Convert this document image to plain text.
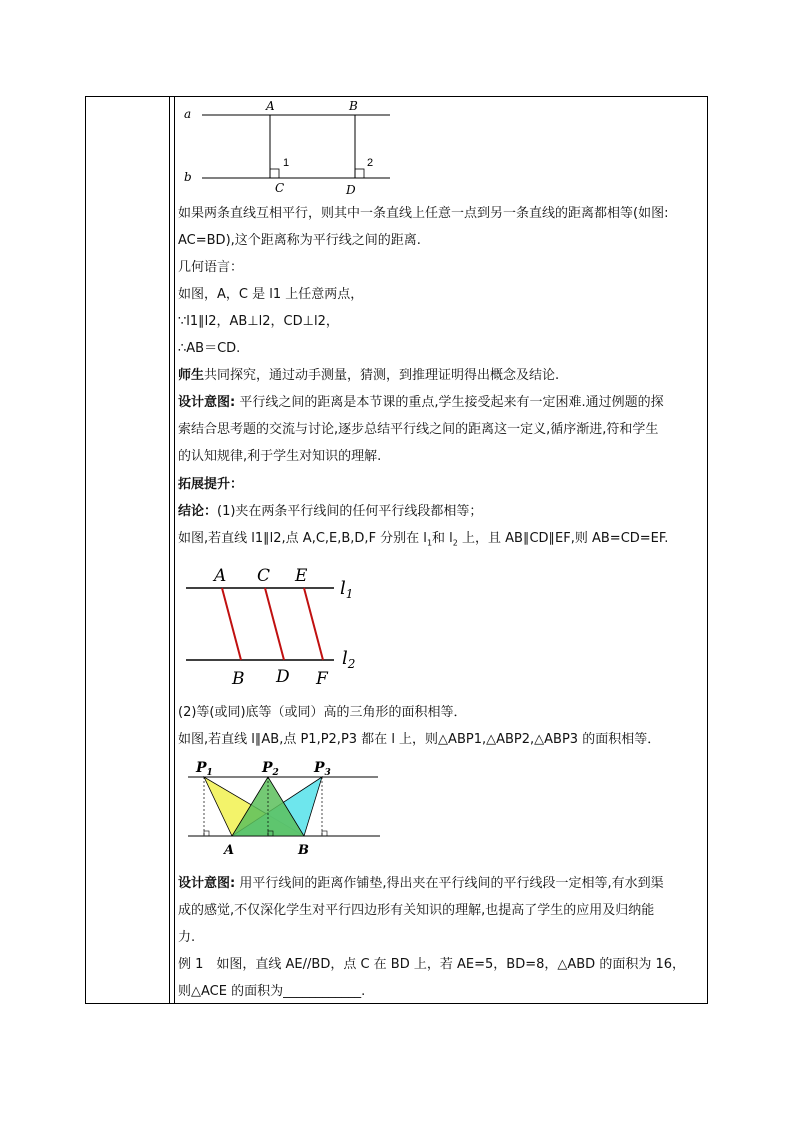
a
b
A	B
C	D
1	2
如果两条直线互相平行，则其中一条直线上任意一点到另一条直线的距离都相等(如图:
AC=BD),这个距离称为平行线之间的距离.
几何语言：
如图，A，C 是 l1 上任意两点，
∵l1∥l2，AB⊥l2，CD⊥l2，
∴AB＝CD.
师生共同探究，通过动手测量，猜测，到推理证明得出概念及结论.
设计意图: 平行线之间的距离是本节课的重点,学生接受起来有一定困难.通过例题的探
索结合思考题的交流与讨论,逐步总结平行线之间的距离这一定义,循序渐进,符和学生
的认知规律,利于学生对知识的理解.
拓展提升：
结论：(1)夹在两条平行线间的任何平行线段都相等；
如图,若直线 l1∥l2,点 A,C,E,B,D,F 分别在 $l_1$和 $l_2$ 上，且 AB∥CD∥EF,则 AB=CD=EF.
A C E
B D F
$l_1$
$l_2$
(2)等(或同)底等（或同）高的三角形的面积相等．
如图,若直线 l∥AB,点 P1,P2,P3 都在 l 上，则△ABP1,△ABP2,△ABP3 的面积相等．
$P_1$	$P_2$	$P_3$
A	B
设计意图: 用平行线间的距离作铺垫,得出夹在平行线间的平行线段一定相等,有水到渠
成的感觉,不仅深化学生对平行四边形有关知识的理解,也提高了学生的应用及归纳能
力.
例 1　如图，直线 AE//BD，点 C 在 BD 上，若 AE=5，BD=8，△ABD 的面积为 16，
则△ACE 的面积为____________.
